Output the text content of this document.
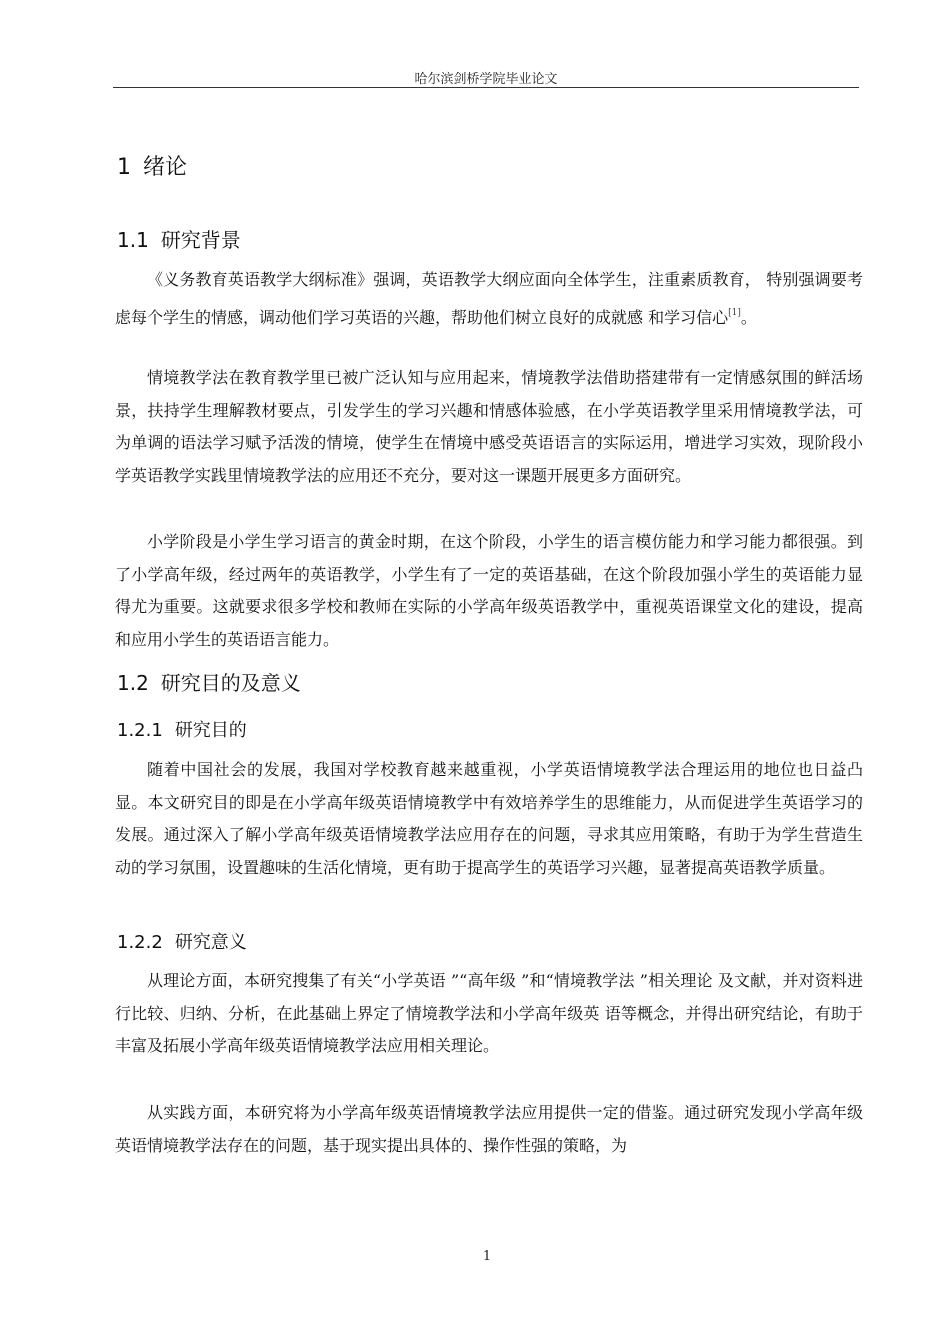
哈尔滨剑桥学院毕业论文
1 绪论
1.1 研究背景

《义务教育英语教学大纲标准》强调，英语教学大纲应面向全体学生，注重素质教育， 特别强调要考虑每个学生的情感，调动他们学习英语的兴趣，帮助他们树立良好的成就感 和学习信心[1]。

情境教学法在教育教学里已被广泛认知与应用起来，情境教学法借助搭建带有一定情感氛围的鲜活场景，扶持学生理解教材要点，引发学生的学习兴趣和情感体验感，在小学英语教学里采用情境教学法，可为单调的语法学习赋予活泼的情境，使学生在情境中感受英语语言的实际运用，增进学习实效，现阶段小学英语教学实践里情境教学法的应用还不充分，要对这一课题开展更多方面研究。

小学阶段是小学生学习语言的黄金时期，在这个阶段，小学生的语言模仿能力和学习能力都很强。到了小学高年级，经过两年的英语教学，小学生有了一定的英语基础，在这个阶段加强小学生的英语能力显得尤为重要。这就要求很多学校和教师在实际的小学高年级英语教学中，重视英语课堂文化的建设，提高和应用小学生的英语语言能力。

1.2 研究目的及意义
1.2.1 研究目的

随着中国社会的发展，我国对学校教育越来越重视，小学英语情境教学法合理运用的地位也日益凸显。本文研究目的即是在小学高年级英语情境教学中有效培养学生的思维能力，从而促进学生英语学习的发展。通过深入了解小学高年级英语情境教学法应用存在的问题，寻求其应用策略，有助于为学生营造生动的学习氛围，设置趣味的生活化情境，更有助于提高学生的英语学习兴趣，显著提高英语教学质量。

1.2.2 研究意义

从理论方面，本研究搜集了有关“小学英语 ”“高年级 ”和“情境教学法 ”相关理论 及文献，并对资料进行比较、归纳、分析，在此基础上界定了情境教学法和小学高年级英 语等概念，并得出研究结论，有助于丰富及拓展小学高年级英语情境教学法应用相关理论。

从实践方面，本研究将为小学高年级英语情境教学法应用提供一定的借鉴。通过研究发现小学高年级英语情境教学法存在的问题，基于现实提出具体的、操作性强的策略，为

1
